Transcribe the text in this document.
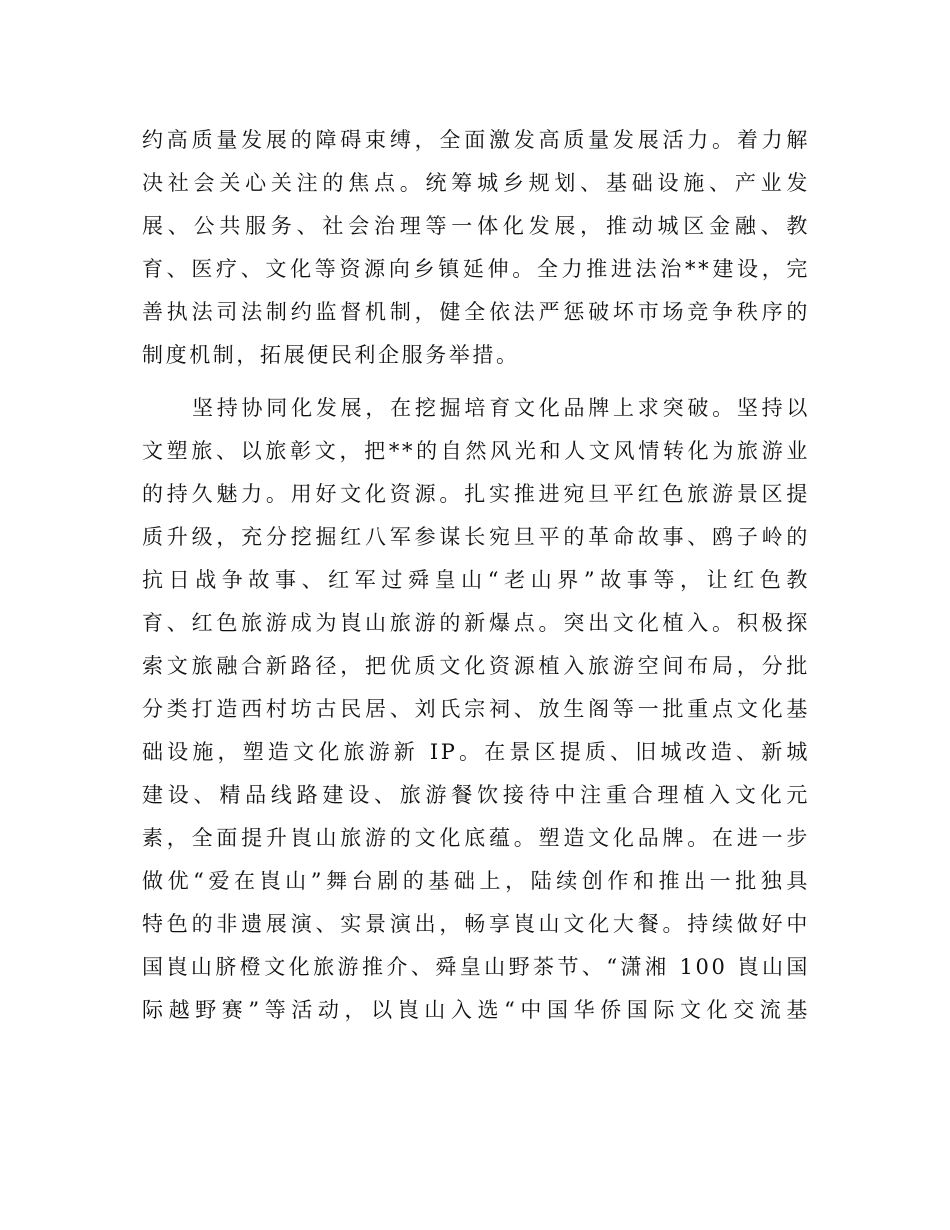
约高质量发展的障碍束缚，全面激发高质量发展活力。着力解
决社会关心关注的焦点。统筹城乡规划、基础设施、产业发
展、公共服务、社会治理等一体化发展，推动城区金融、教
育、医疗、文化等资源向乡镇延伸。全力推进法治**建设，完
善执法司法制约监督机制，健全依法严惩破坏市场竞争秩序的
制度机制，拓展便民利企服务举措。
坚持协同化发展，在挖掘培育文化品牌上求突破。坚持以
文塑旅、以旅彰文，把**的自然风光和人文风情转化为旅游业
的持久魅力。用好文化资源。扎实推进宛旦平红色旅游景区提
质升级，充分挖掘红八军参谋长宛旦平的革命故事、鸥子岭的
抗日战争故事、红军过舜皇山“老山界”故事等，让红色教
育、红色旅游成为崀山旅游的新爆点。突出文化植入。积极探
索文旅融合新路径，把优质文化资源植入旅游空间布局，分批
分类打造西村坊古民居、刘氏宗祠、放生阁等一批重点文化基
础设施，塑造文化旅游新 IP。在景区提质、旧城改造、新城
建设、精品线路建设、旅游餐饮接待中注重合理植入文化元
素，全面提升崀山旅游的文化底蕴。塑造文化品牌。在进一步
做优“爱在崀山”舞台剧的基础上，陆续创作和推出一批独具
特色的非遗展演、实景演出，畅享崀山文化大餐。持续做好中
国崀山脐橙文化旅游推介、舜皇山野茶节、“潇湘 100 崀山国
际越野赛”等活动，以崀山入选“中国华侨国际文化交流基
